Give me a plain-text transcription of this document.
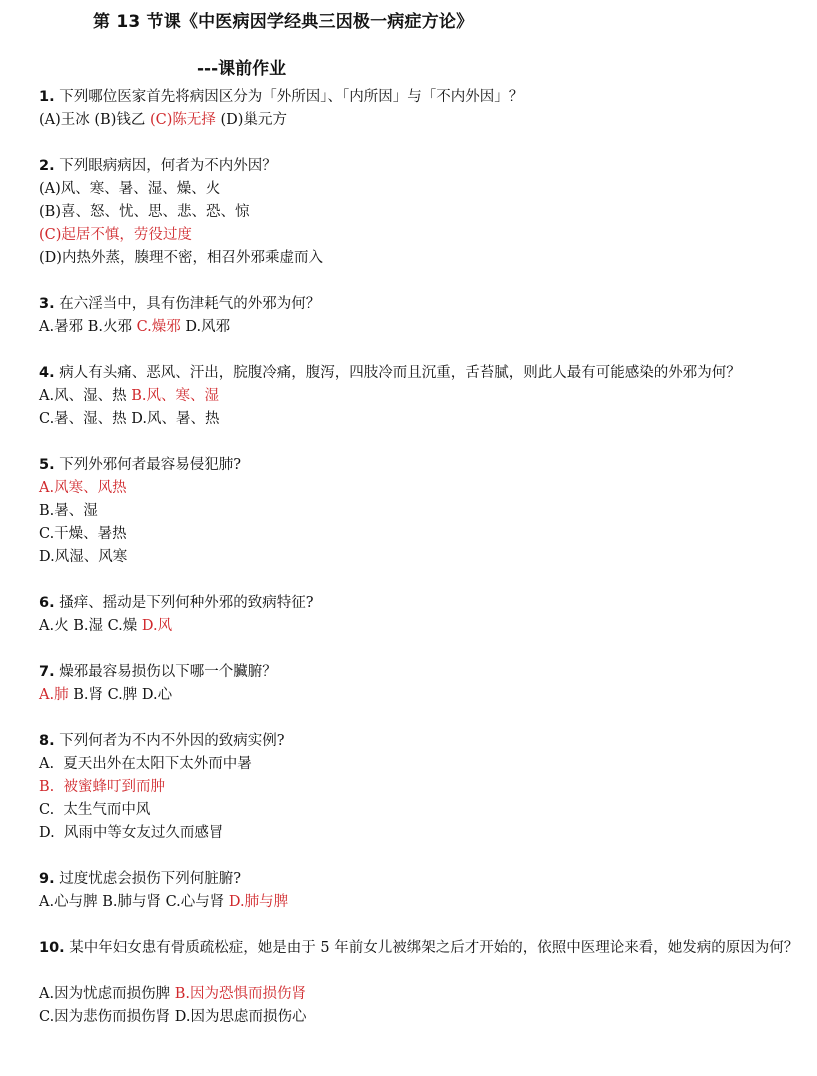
第 13 节课《中医病因学经典三因极一病症方论》
---课前作业
1. 下列哪位医家首先将病因区分为「外所因」、「内所因」与「不内外因」？
(A)王冰 (B)钱乙 (C)陈无择 (D)巢元方
2. 下列眼病病因，何者为不内外因？
(A)风、寒、暑、湿、燥、火
(B)喜、怒、忧、思、悲、恐、惊
(C)起居不慎，劳役过度
(D)内热外蒸，腠理不密，相召外邪乘虚而入
3. 在六淫当中，具有伤津耗气的外邪为何？
A.暑邪 B.火邪 C.燥邪 D.风邪
4. 病人有头痛、恶风、汗出，脘腹冷痛，腹泻，四肢冷而且沉重，舌苔腻，则此人最有可能感染的外邪为何？
A.风、湿、热 B.风、寒、湿
C.暑、湿、热 D.风、暑、热
5. 下列外邪何者最容易侵犯肺?
A.风寒、风热
B.暑、湿
C.干燥、暑热
D.风湿、风寒
6. 搔痒、摇动是下列何种外邪的致病特征?
A.火 B.湿 C.燥 D.风
7. 燥邪最容易损伤以下哪一个臟腑？
A.肺 B.肾 C.脾 D.心
8. 下列何者为不内不外因的致病实例?
A.  夏天出外在太阳下太外而中暑
B.  被蜜蜂叮到而肿
C.  太生气而中风
D.  风雨中等女友过久而感冒
9. 过度忧虑会损伤下列何脏腑?
A.心与脾 B.肺与肾 C.心与肾 D.肺与脾
10. 某中年妇女患有骨质疏松症，她是由于 5 年前女儿被绑架之后才开始的，依照中医理论来看，她发病的原因为何？

A.因为忧虑而损伤脾 B.因为恐惧而损伤肾
C.因为悲伤而损伤肾 D.因为思虑而损伤心
